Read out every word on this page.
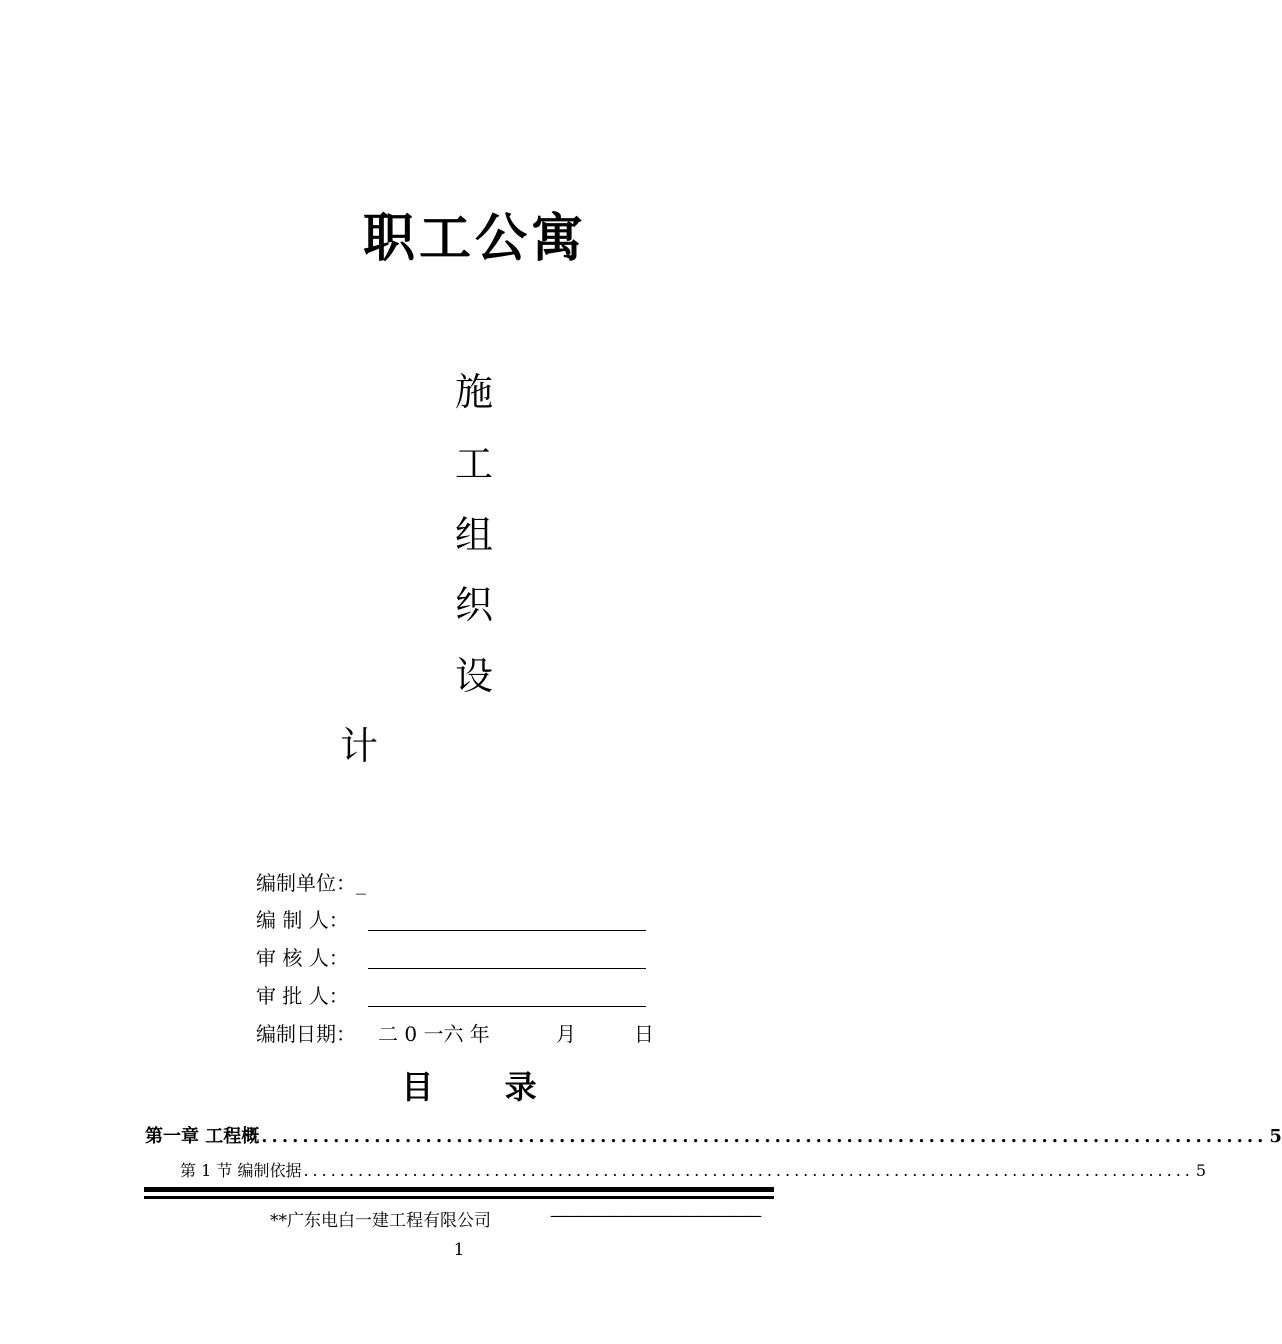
职工公寓
施
工
组
织
设
计
编制单位：_
编 制 人：
审 核 人：
审 批 人：
编制日期： 二 0 一六 年	月	日
目 录
第一章 工程概 .................................................................................................. 5
第 1 节 编制依据 .................................................................................................. 5
**广东电白一建工程有限公司	——————————————
1
